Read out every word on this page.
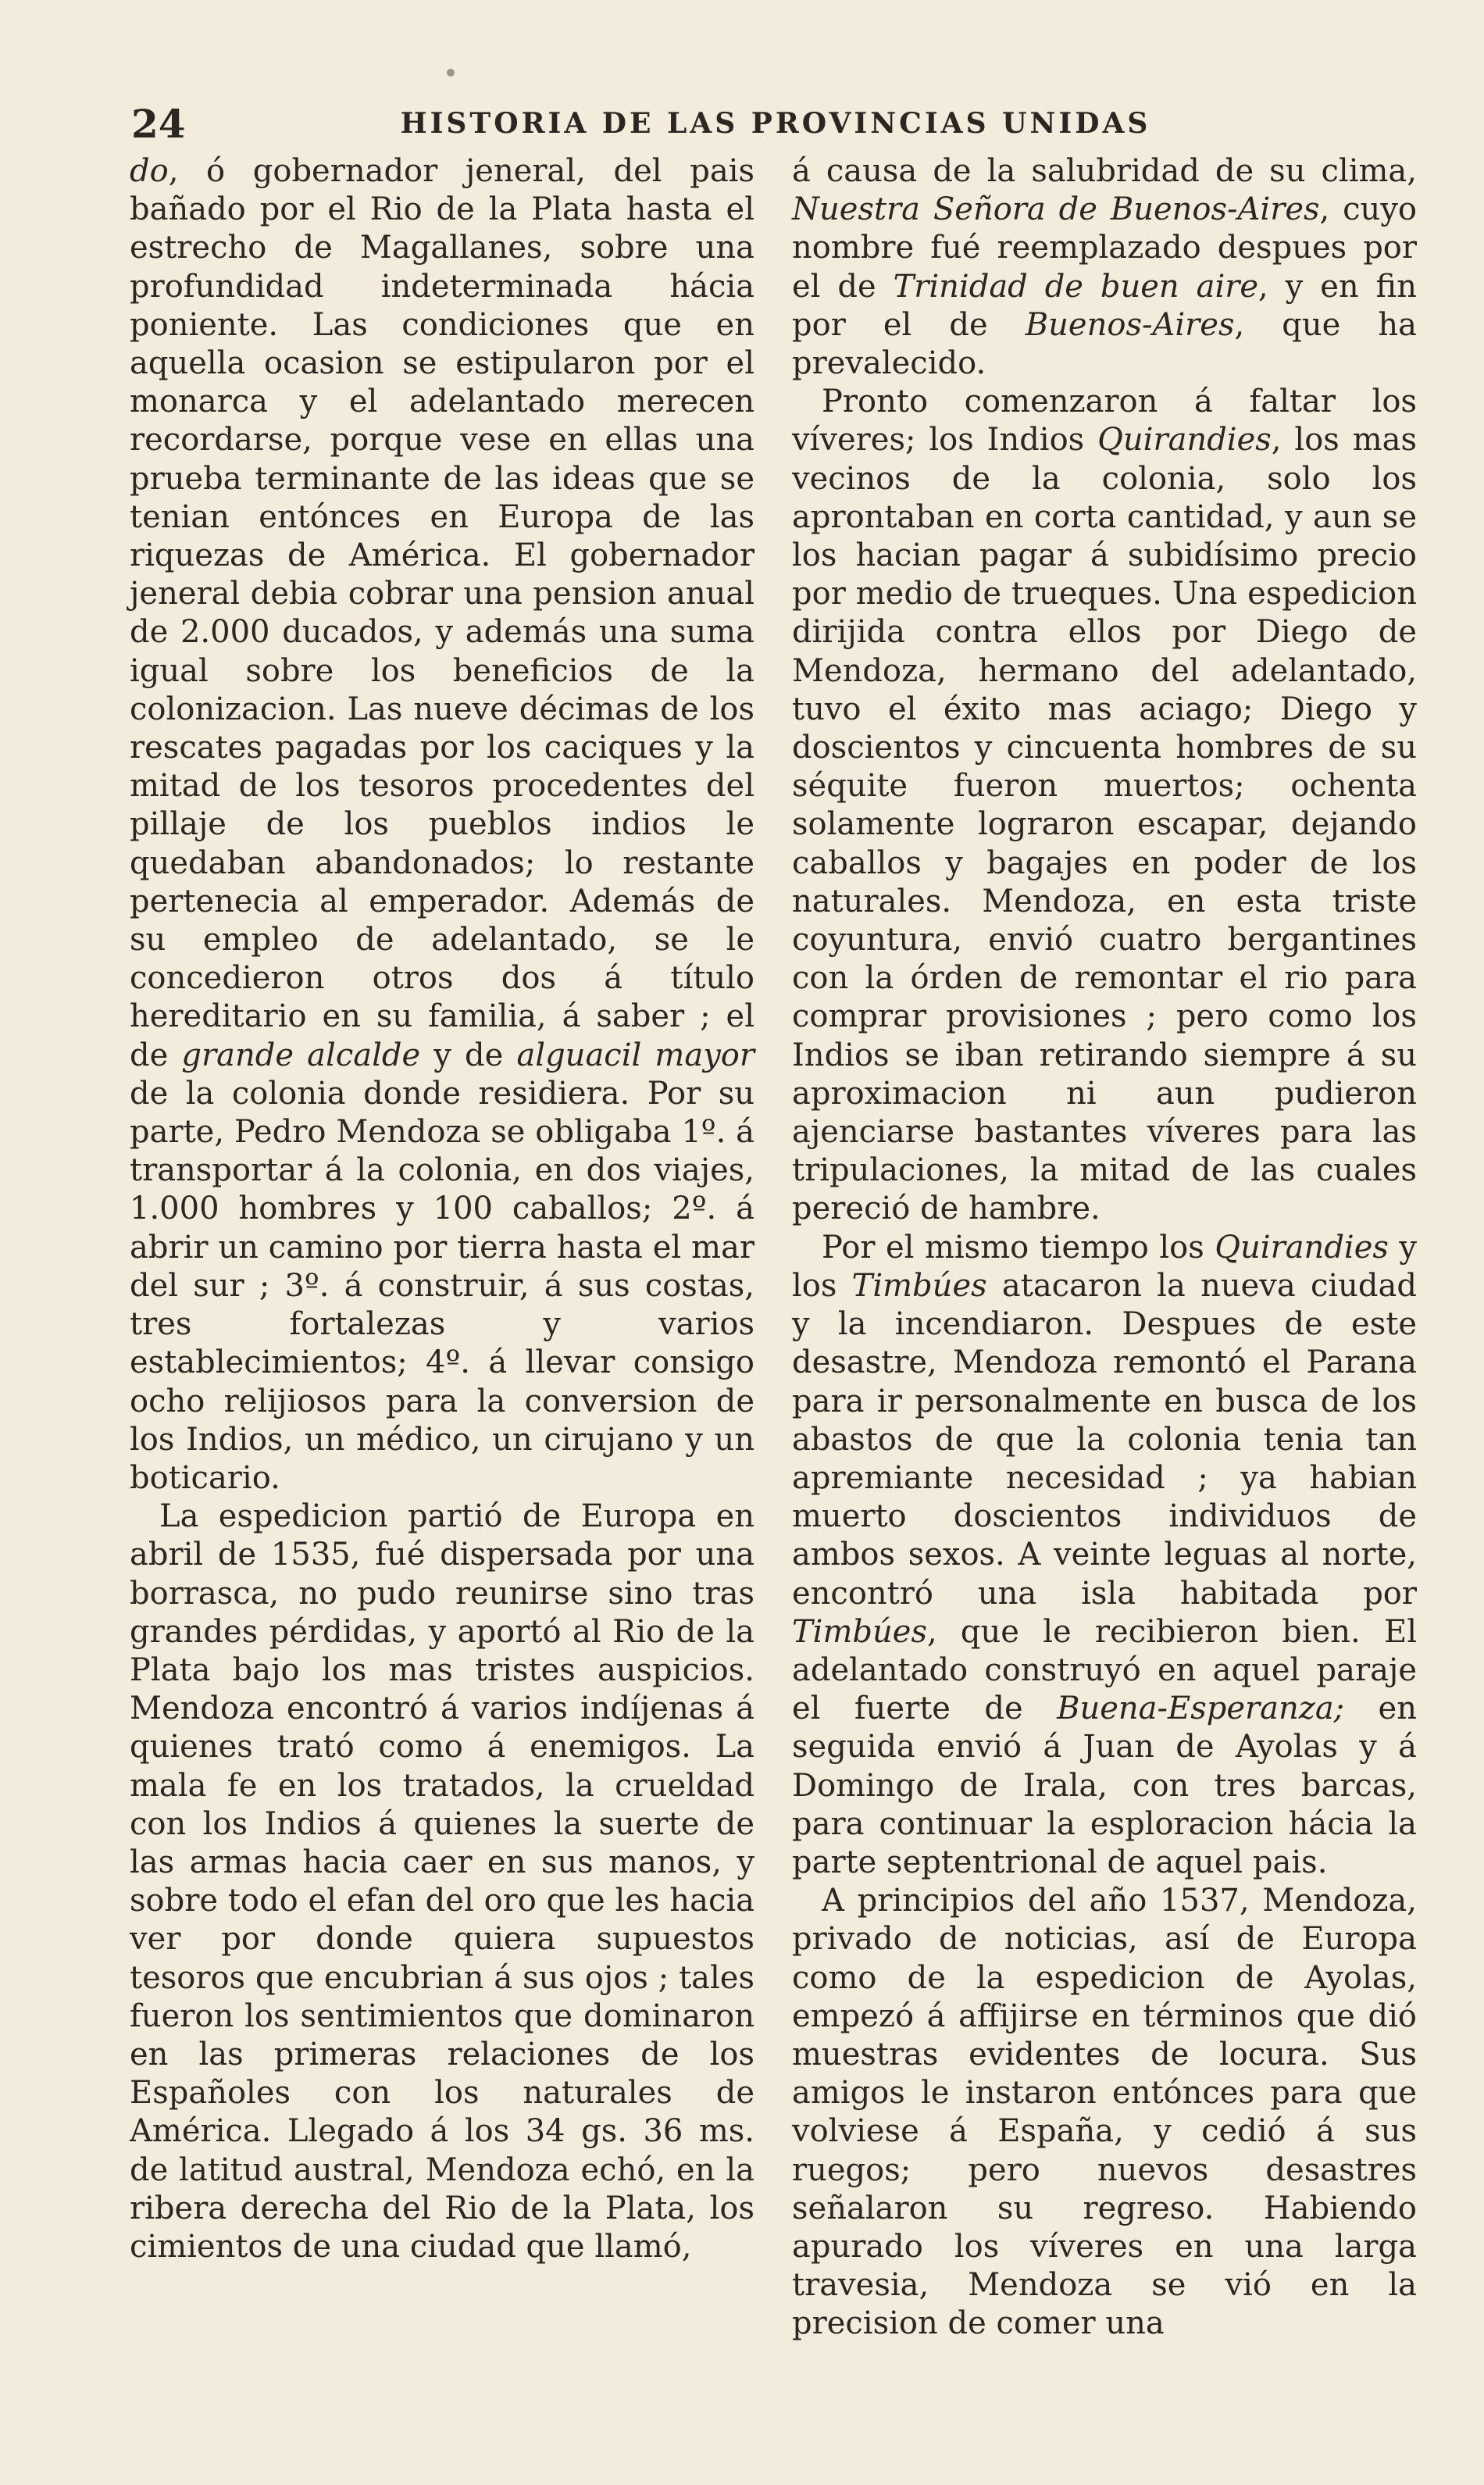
24	HISTORIA DE LAS PROVINCIAS UNIDAS

do, ó gobernador jeneral, del pais bañado por el Rio de la Plata hasta el estrecho de Magallanes, sobre una profundidad indeterminada hácia poniente. Las condiciones que en aquella ocasion se estipularon por el monarca y el adelantado merecen recordarse, porque vese en ellas una prueba terminante de las ideas que se tenian entónces en Europa de las riquezas de América. El gobernador jeneral debia cobrar una pension anual de 2.000 ducados, y además una suma igual sobre los beneficios de la colonizacion. Las nueve décimas de los rescates pagadas por los caciques y la mitad de los tesoros procedentes del pillaje de los pueblos indios le quedaban abandonados; lo restante pertenecia al emperador. Además de su empleo de adelantado, se le concedieron otros dos á título hereditario en su familia, á saber ; el de grande alcalde y de alguacil mayor de la colonia donde residiera. Por su parte, Pedro Mendoza se obligaba 1º. á transportar á la colonia, en dos viajes, 1.000 hombres y 100 caballos; 2º. á abrir un camino por tierra hasta el mar del sur ; 3º. á construir, á sus costas, tres fortalezas y varios establecimientos; 4º. á llevar consigo ocho relijiosos para la conversion de los Indios, un médico, un cirujano y un boticario.

La espedicion partió de Europa en abril de 1535, fué dispersada por una borrasca, no pudo reunirse sino tras grandes pérdidas, y aportó al Rio de la Plata bajo los mas tristes auspicios. Mendoza encontró á varios indíjenas á quienes trató como á enemigos. La mala fe en los tratados, la crueldad con los Indios á quienes la suerte de las armas hacia caer en sus manos, y sobre todo el efan del oro que les hacia ver por donde quiera supuestos tesoros que encubrian á sus ojos ; tales fueron los sentimientos que dominaron en las primeras relaciones de los Españoles con los naturales de América. Llegado á los 34 gs. 36 ms. de latitud austral, Mendoza echó, en la ribera derecha del Rio de la Plata, los cimientos de una ciudad que llamó,

á causa de la salubridad de su clima, Nuestra Señora de Buenos-Aires, cuyo nombre fué reemplazado despues por el de Trinidad de buen aire, y en fin por el de Buenos-Aires, que ha prevalecido.

Pronto comenzaron á faltar los víveres; los Indios Quirandies, los mas vecinos de la colonia, solo los aprontaban en corta cantidad, y aun se los hacian pagar á subidísimo precio por medio de trueques. Una espedicion dirijida contra ellos por Diego de Mendoza, hermano del adelantado, tuvo el éxito mas aciago; Diego y doscientos y cincuenta hombres de su séquite fueron muertos; ochenta solamente lograron escapar, dejando caballos y bagajes en poder de los naturales. Mendoza, en esta triste coyuntura, envió cuatro bergantines con la órden de remontar el rio para comprar provisiones ; pero como los Indios se iban retirando siempre á su aproximacion ni aun pudieron ajenciarse bastantes víveres para las tripulaciones, la mitad de las cuales pereció de hambre.

Por el mismo tiempo los Quirandies y los Timbúes atacaron la nueva ciudad y la incendiaron. Despues de este desastre, Mendoza remontó el Parana para ir personalmente en busca de los abastos de que la colonia tenia tan apremiante necesidad ; ya habian muerto doscientos individuos de ambos sexos. A veinte leguas al norte, encontró una isla habitada por Timbúes, que le recibieron bien. El adelantado construyó en aquel paraje el fuerte de Buena-Esperanza; en seguida envió á Juan de Ayolas y á Domingo de Irala, con tres barcas, para continuar la esploracion hácia la parte septentrional de aquel pais.

A principios del año 1537, Mendoza, privado de noticias, así de Europa como de la espedicion de Ayolas, empezó á affijirse en términos que dió muestras evidentes de locura. Sus amigos le instaron entónces para que volviese á España, y cedió á sus ruegos; pero nuevos desastres señalaron su regreso. Habiendo apurado los víveres en una larga travesia, Mendoza se vió en la precision de comer una
